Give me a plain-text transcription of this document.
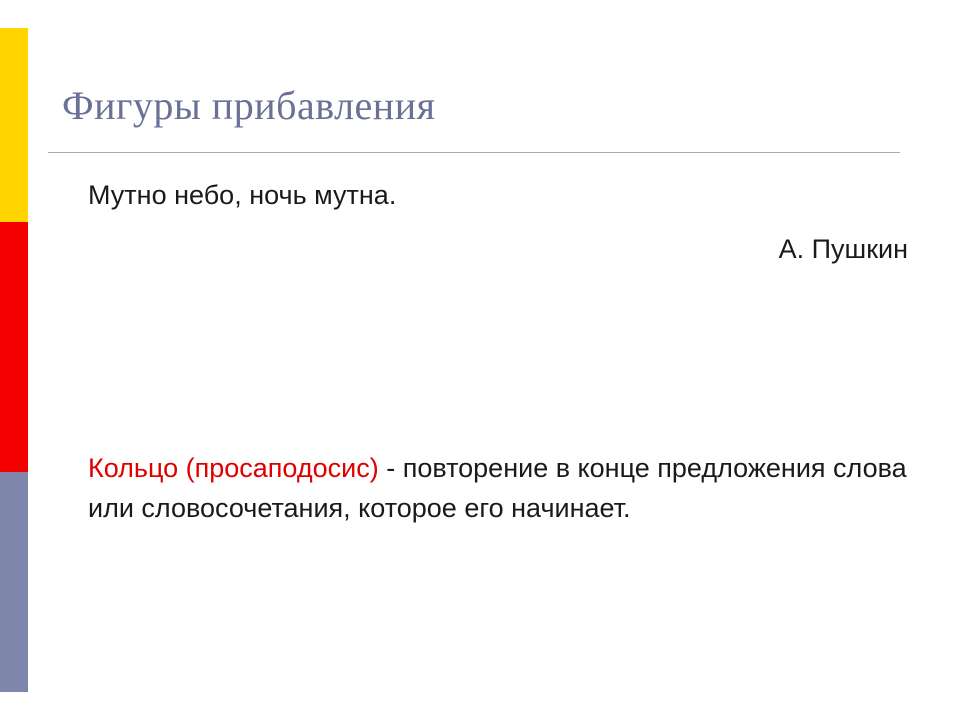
Фигуры прибавления
Мутно небо, ночь мутна.
А. Пушкин
Кольцо (просаподосис) - повторение в конце предложения слова или словосочетания, которое его начинает.
